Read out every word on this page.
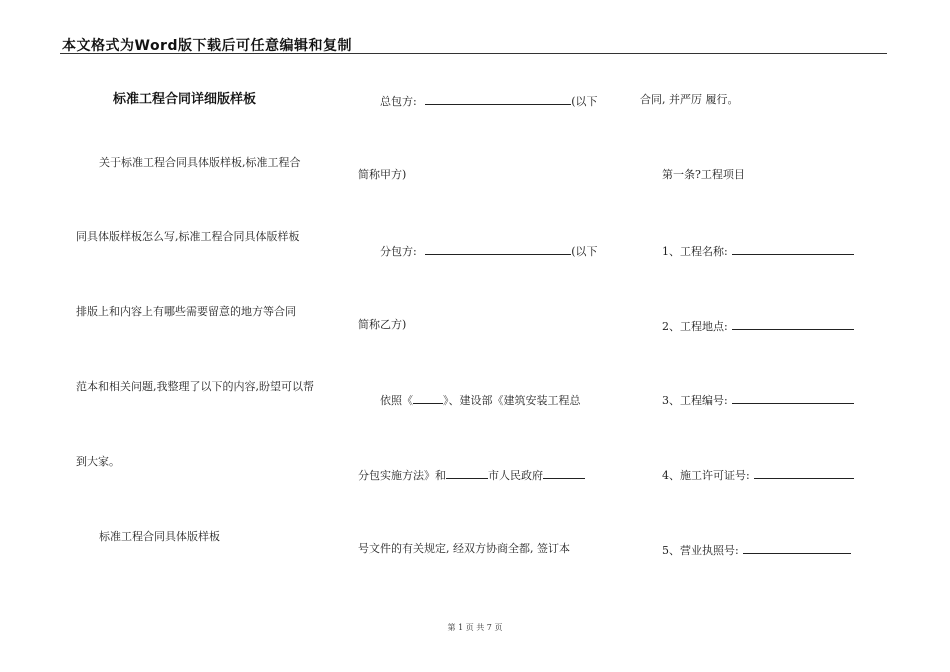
本文格式为Word版下载后可任意编辑和复制
标准工程合同详细版样板
关于标准工程合同具体版样板,标准工程合
同具体版样板怎么写,标准工程合同具体版样板
排版上和内容上有哪些需要留意的地方等合同
范本和相关问题,我整理了以下的内容,盼望可以帮
到大家。
标准工程合同具体版样板
总包方:	(以下
简称甲方)
分包方:	(以下
简称乙方)
依照《	》、建设部《建筑安装工程总
分包实施方法》和	市人民政府
号文件的有关规定, 经双方协商全都, 签订本
合同, 并严厉 履行。
第一条?工程项目
1、工程名称:
2、工程地点:
3、工程编号:
4、施工许可证号:
5、营业执照号:
第 1 页 共 7 页
